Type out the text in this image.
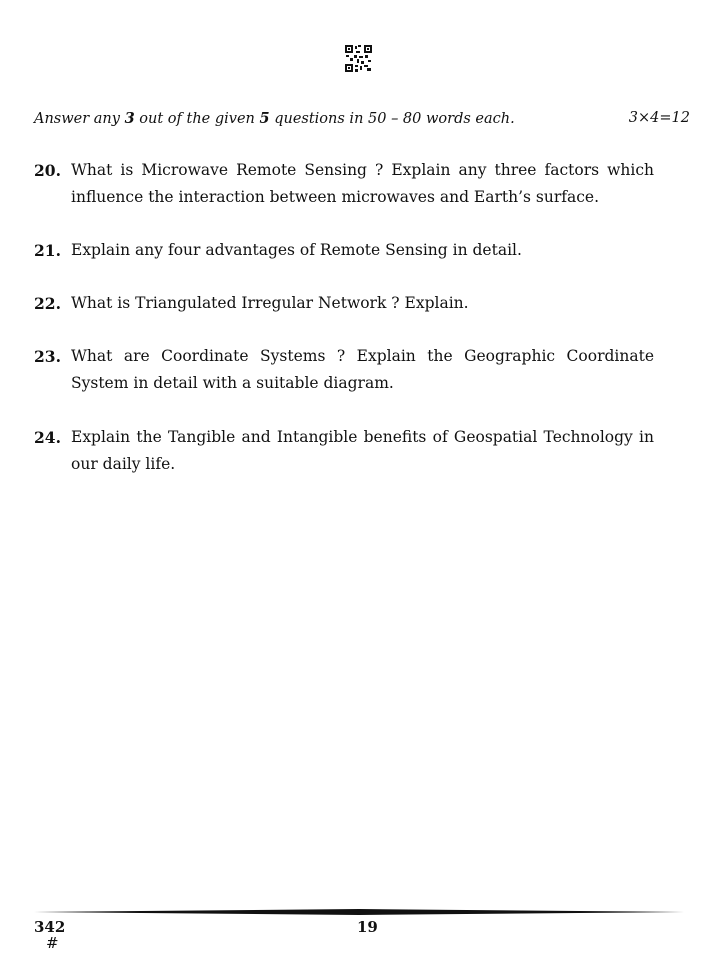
Answer any 3 out of the given 5 questions in 50 – 80 words each.	3×4=12
20. What is Microwave Remote Sensing ? Explain any three factors which influence the interaction between microwaves and Earth’s surface.
21. Explain any four advantages of Remote Sensing in detail.
22. What is Triangulated Irregular Network ? Explain.
23. What are Coordinate Systems ? Explain the Geographic Coordinate System in detail with a suitable diagram.
24. Explain the Tangible and Intangible benefits of Geospatial Technology in our daily life.
342
#
19
